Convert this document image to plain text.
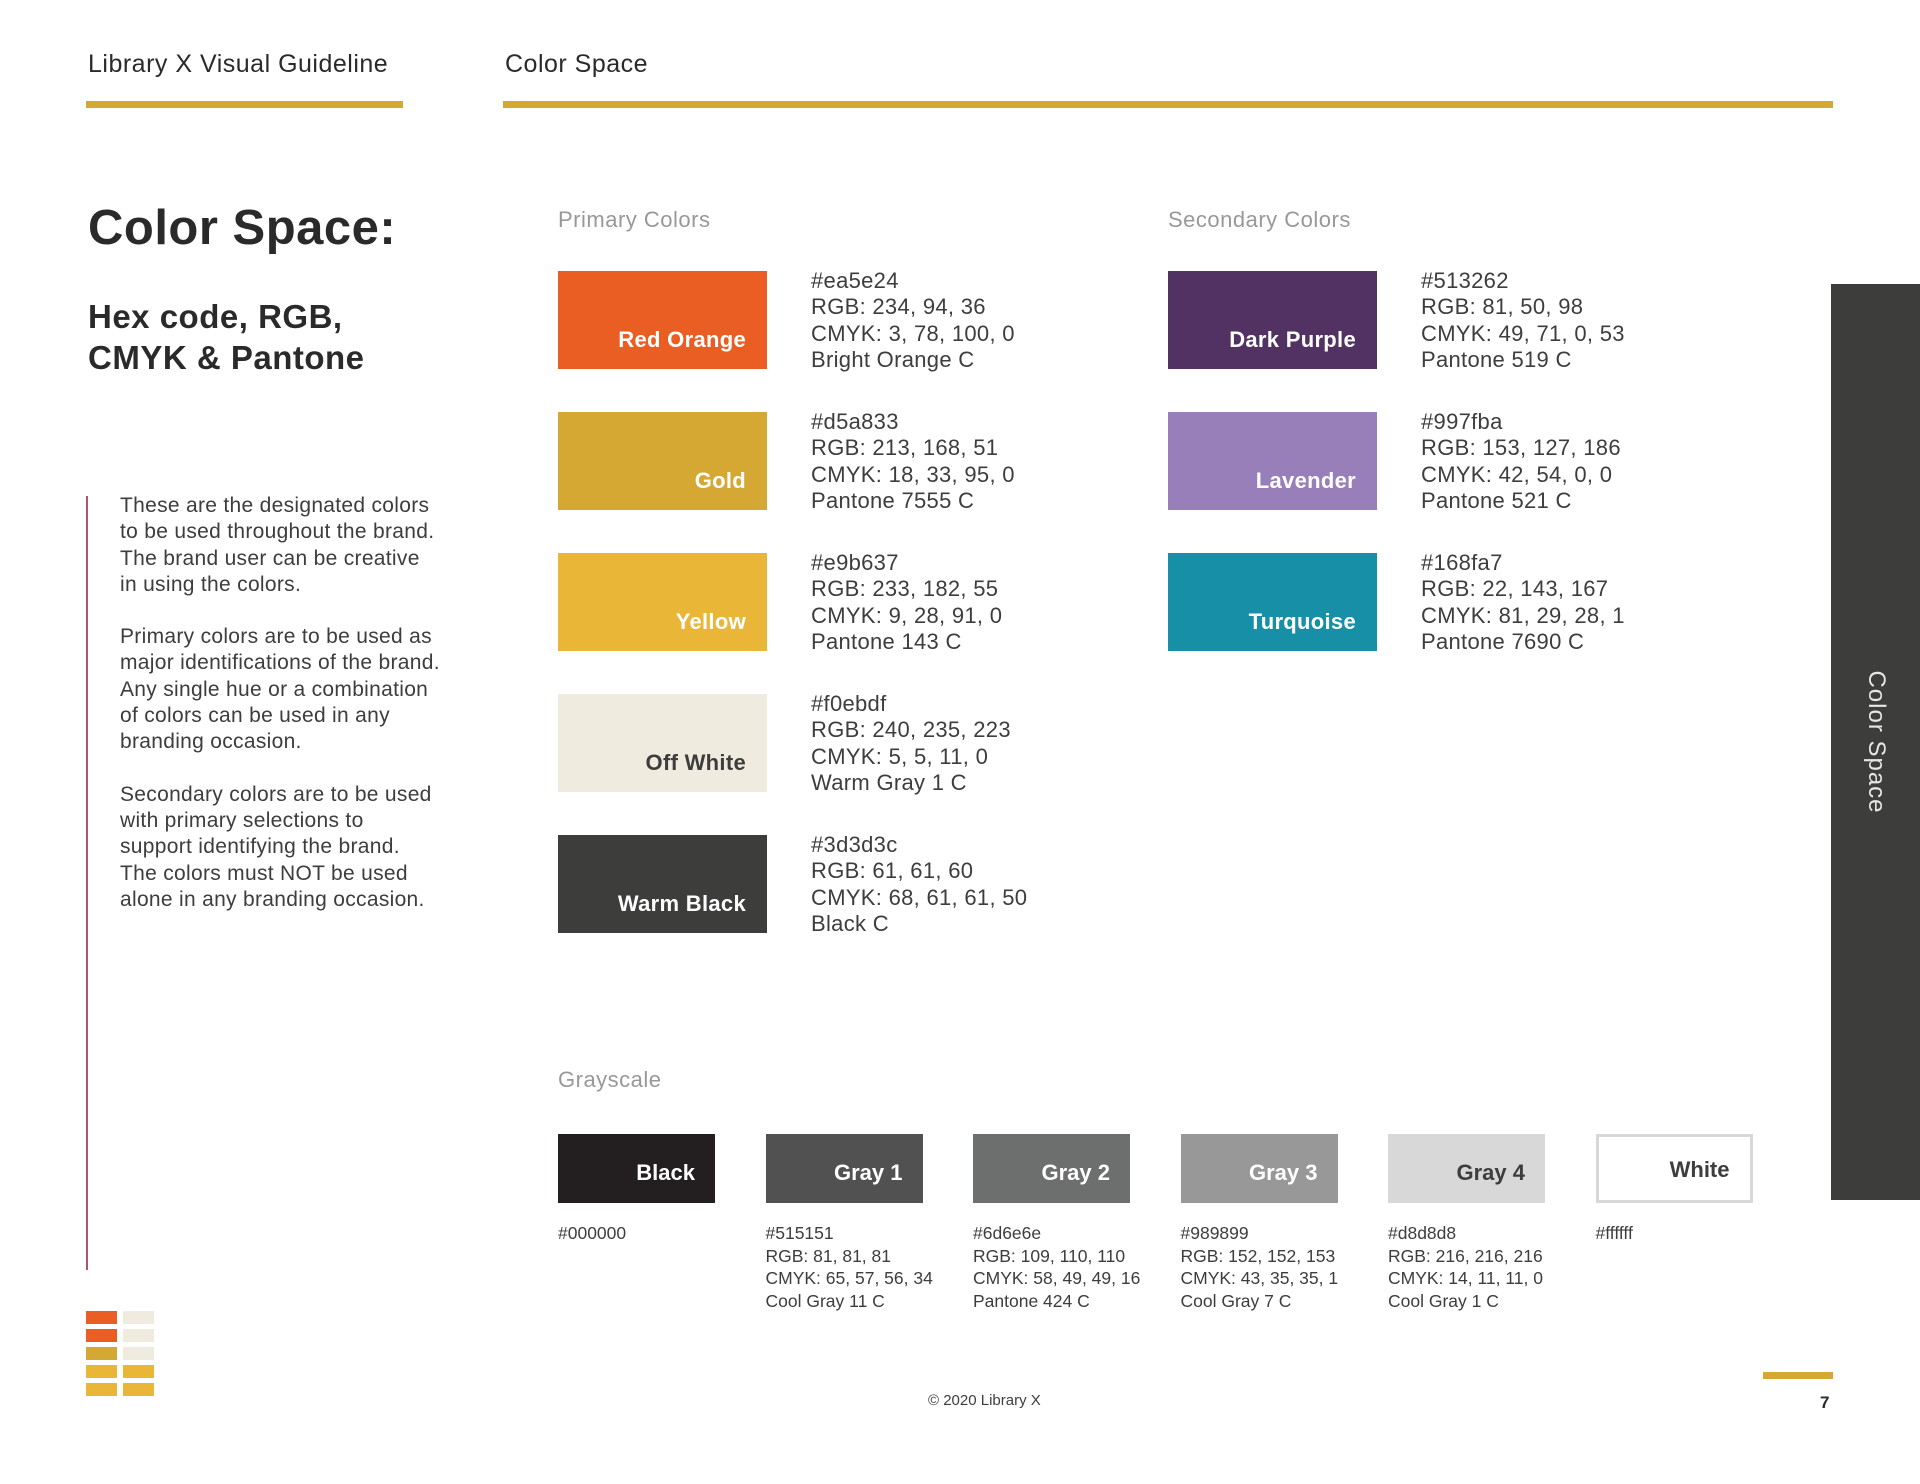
Library X Visual Guideline	Color Space
Color Space:
Hex code, RGB,
CMYK & Pantone

These are the designated colors to be used throughout the brand. The brand user can be creative in using the colors.

Primary colors are to be used as major identifications of the brand. Any single hue or a combination of colors can be used in any branding occasion.

Secondary colors are to be used with primary selections to support identifying the brand. The colors must NOT be used alone in any branding occasion.

Primary Colors
Red Orange
#ea5e24
RGB: 234, 94, 36
CMYK: 3, 78, 100, 0
Bright Orange C
Gold
#d5a833
RGB: 213, 168, 51
CMYK: 18, 33, 95, 0
Pantone 7555 C
Yellow
#e9b637
RGB: 233, 182, 55
CMYK: 9, 28, 91, 0
Pantone 143 C
Off White
#f0ebdf
RGB: 240, 235, 223
CMYK: 5, 5, 11, 0
Warm Gray 1 C
Warm Black
#3d3d3c
RGB: 61, 61, 60
CMYK: 68, 61, 61, 50
Black C
Secondary Colors
Dark Purple
#513262
RGB: 81, 50, 98
CMYK: 49, 71, 0, 53
Pantone 519 C
Lavender
#997fba
RGB: 153, 127, 186
CMYK: 42, 54, 0, 0
Pantone 521 C
Turquoise
#168fa7
RGB: 22, 143, 167
CMYK: 81, 29, 28, 1
Pantone 7690 C
Grayscale
Black
#000000
Gray 1
#515151
RGB: 81, 81, 81
CMYK: 65, 57, 56, 34
Cool Gray 11 C
Gray 2
#6d6e6e
RGB: 109, 110, 110
CMYK: 58, 49, 49, 16
Pantone 424 C
Gray 3
#989899
RGB: 152, 152, 153
CMYK: 43, 35, 35, 1
Cool Gray 7 C
Gray 4
#d8d8d8
RGB: 216, 216, 216
CMYK: 14, 11, 11, 0
Cool Gray 1 C
White
#ffffff
Color Space
© 2020 Library X	7
